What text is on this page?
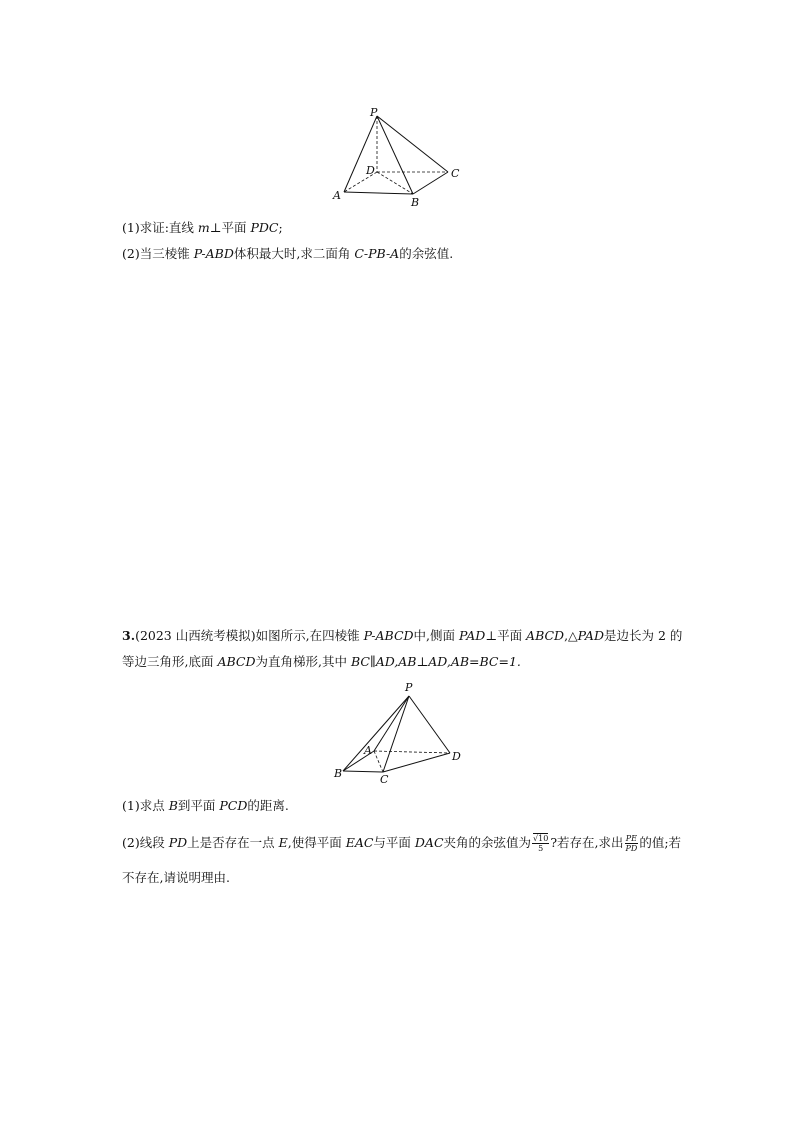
P
D	C
A
B
(1)求证:直线 m⊥平面 PDC;
(2)当三棱锥 P-ABD体积最大时,求二面角 C-PB-A的余弦值.
3.(2023 山西统考模拟)如图所示,在四棱锥 P-ABCD中,侧面 PAD⊥平面 ABCD,△PAD是边长为 2 的
等边三角形,底面 ABCD为直角梯形,其中 BC∥AD,AB⊥AD,AB=BC=1.
P
A
B	C
D
(1)求点 B到平面 PCD的距离.
(2)线段 PD上是否存在一点 E,使得平面 EAC与平面 DAC夹角的余弦值为 $\frac{√10}{5}$ ?若存在,求出 $\frac{PE}{PD}$ 的值;若
不存在,请说明理由.
